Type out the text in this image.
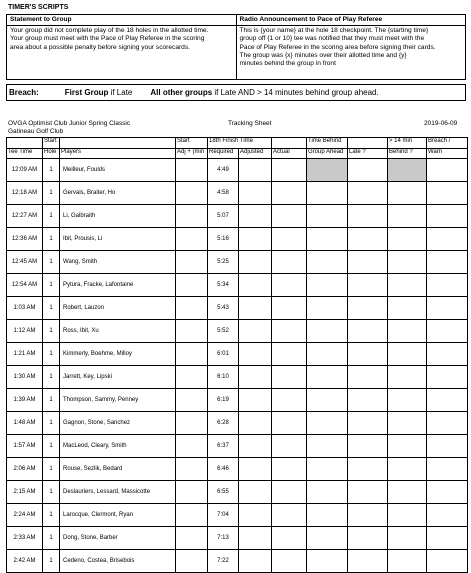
TIMER'S SCRIPTS
Statement to Group
Your group did not complete play of the 18 holes in the allotted time.
Your group must meet with the Pace of Play Referee in the scoring
area about a possible penalty before signing your scorecards.
Radio Announcement to Pace of Play Referee
This is {your name} at the hole 18 checkpoint. The {starting time}
group off {1 or 10} tee was notified that they must meet with the
Pace of Play Referee in the scoring area before signing their cards.
The group was {x} minutes over their allotted time and {y}
minutes behind the group in front
Breach:	First Group if Late All other groups if Late AND > 14 minutes behind group ahead.
OVGA Optimist Club Junior Spring Classic	Tracking Sheet	2019-06-09
Gatineau Golf Club
	Start		Start	18th Finish Time			Time Behind		> 14 min	Breach /
Tee Time	Hole	Players	Adj + (min	Required	Adjusted	Actual	Group Ahead	Late ?	Behind ?	Warn
12:09 AM	1	Meilleur, Foulds		4:49						
12:18 AM	1	Gervais, Braiter, Ho		4:58						
12:27 AM	1	Li, Galbraith		5:07						
12:36 AM	1	Ibit, Prousis, Li		5:16						
12:45 AM	1	Wang, Smith		5:25						
12:54 AM	1	Pytura, Fracke, Lafontaine		5:34						
1:03 AM	1	Robert, Lauzon		5:43						
1:12 AM	1	Ross, Ibit, Xu		5:52						
1:21 AM	1	Kimmerly, Boehme, Milloy		6:01						
1:30 AM	1	Jarrett, Key, Lipski		6:10						
1:39 AM	1	Thompson, Sammy, Penney		6:19						
1:48 AM	1	Gagnon, Stone, Sanchez		6:28						
1:57 AM	1	MacLeod, Cleary, Smith		6:37						
2:06 AM	1	Rouse, Sezlik, Bedard		6:46						
2:15 AM	1	Deslauriers, Lessard, Massicotte		6:55						
2:24 AM	1	Larocque, Clermont, Ryan		7:04						
2:33 AM	1	Dong, Stone, Barber		7:13						
2:42 AM	1	Cedeno, Costea, Brisebois		7:22						
